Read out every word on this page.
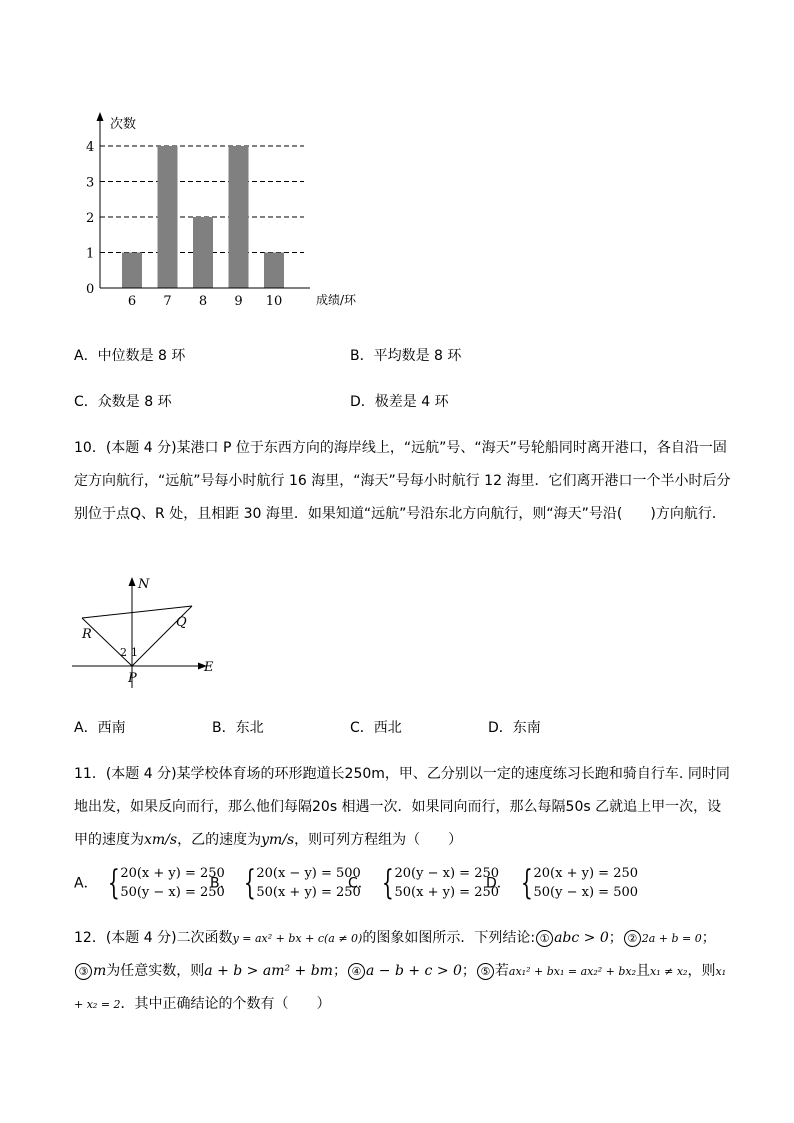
0
1
2
3
4
6 7 8 9 10
次数
成绩/环
A．中位数是 8 环	B．平均数是 8 环
C．众数是 8 环	D．极差是 4 环
10．(本题 4 分)某港口 P 位于东西方向的海岸线上，“远航”号、“海天”号轮船同时离开港口，各自沿一固定方向航行，“远航”号每小时航行 16 海里，“海天”号每小时航行 12 海里．它们离开港口一个半小时后分别位于点Q、R 处，且相距 30 海里．如果知道“远航”号沿东北方向航行，则“海天”号沿(　　)方向航行．
N
E
P
Q
R
2 1
A．西南	B．东北	C．西北	D．东南
11．(本题 4 分)某学校体育场的环形跑道长250m，甲、乙分别以一定的速度练习长跑和骑自行车. 同时同地出发，如果反向而行，那么他们每隔20s 相遇一次．如果同向而行，那么每隔50s 乙就追上甲一次，设甲的速度为xm/s，乙的速度为ym/s，则可列方程组为（　　）
A． { 20(x + y) = 250
50(y − x) = 250
B． { 20(x − y) = 500
50(x + y) = 250
C． { 20(y − x) = 250
50(x + y) = 250
D． { 20(x + y) = 250
50(y − x) = 500
12．(本题 4 分)二次函数y = ax² + bx + c(a ≠ 0)的图象如图所示．下列结论: ① abc > 0； ② 2a + b = 0；③ m为任意实数，则a + b > am² + bm； ④ a − b + c > 0； ⑤ 若ax₁² + bx₁ = ax₂² + bx₂且x₁ ≠ x₂，则x₁ + x₂ = 2．其中正确结论的个数有（　　）
